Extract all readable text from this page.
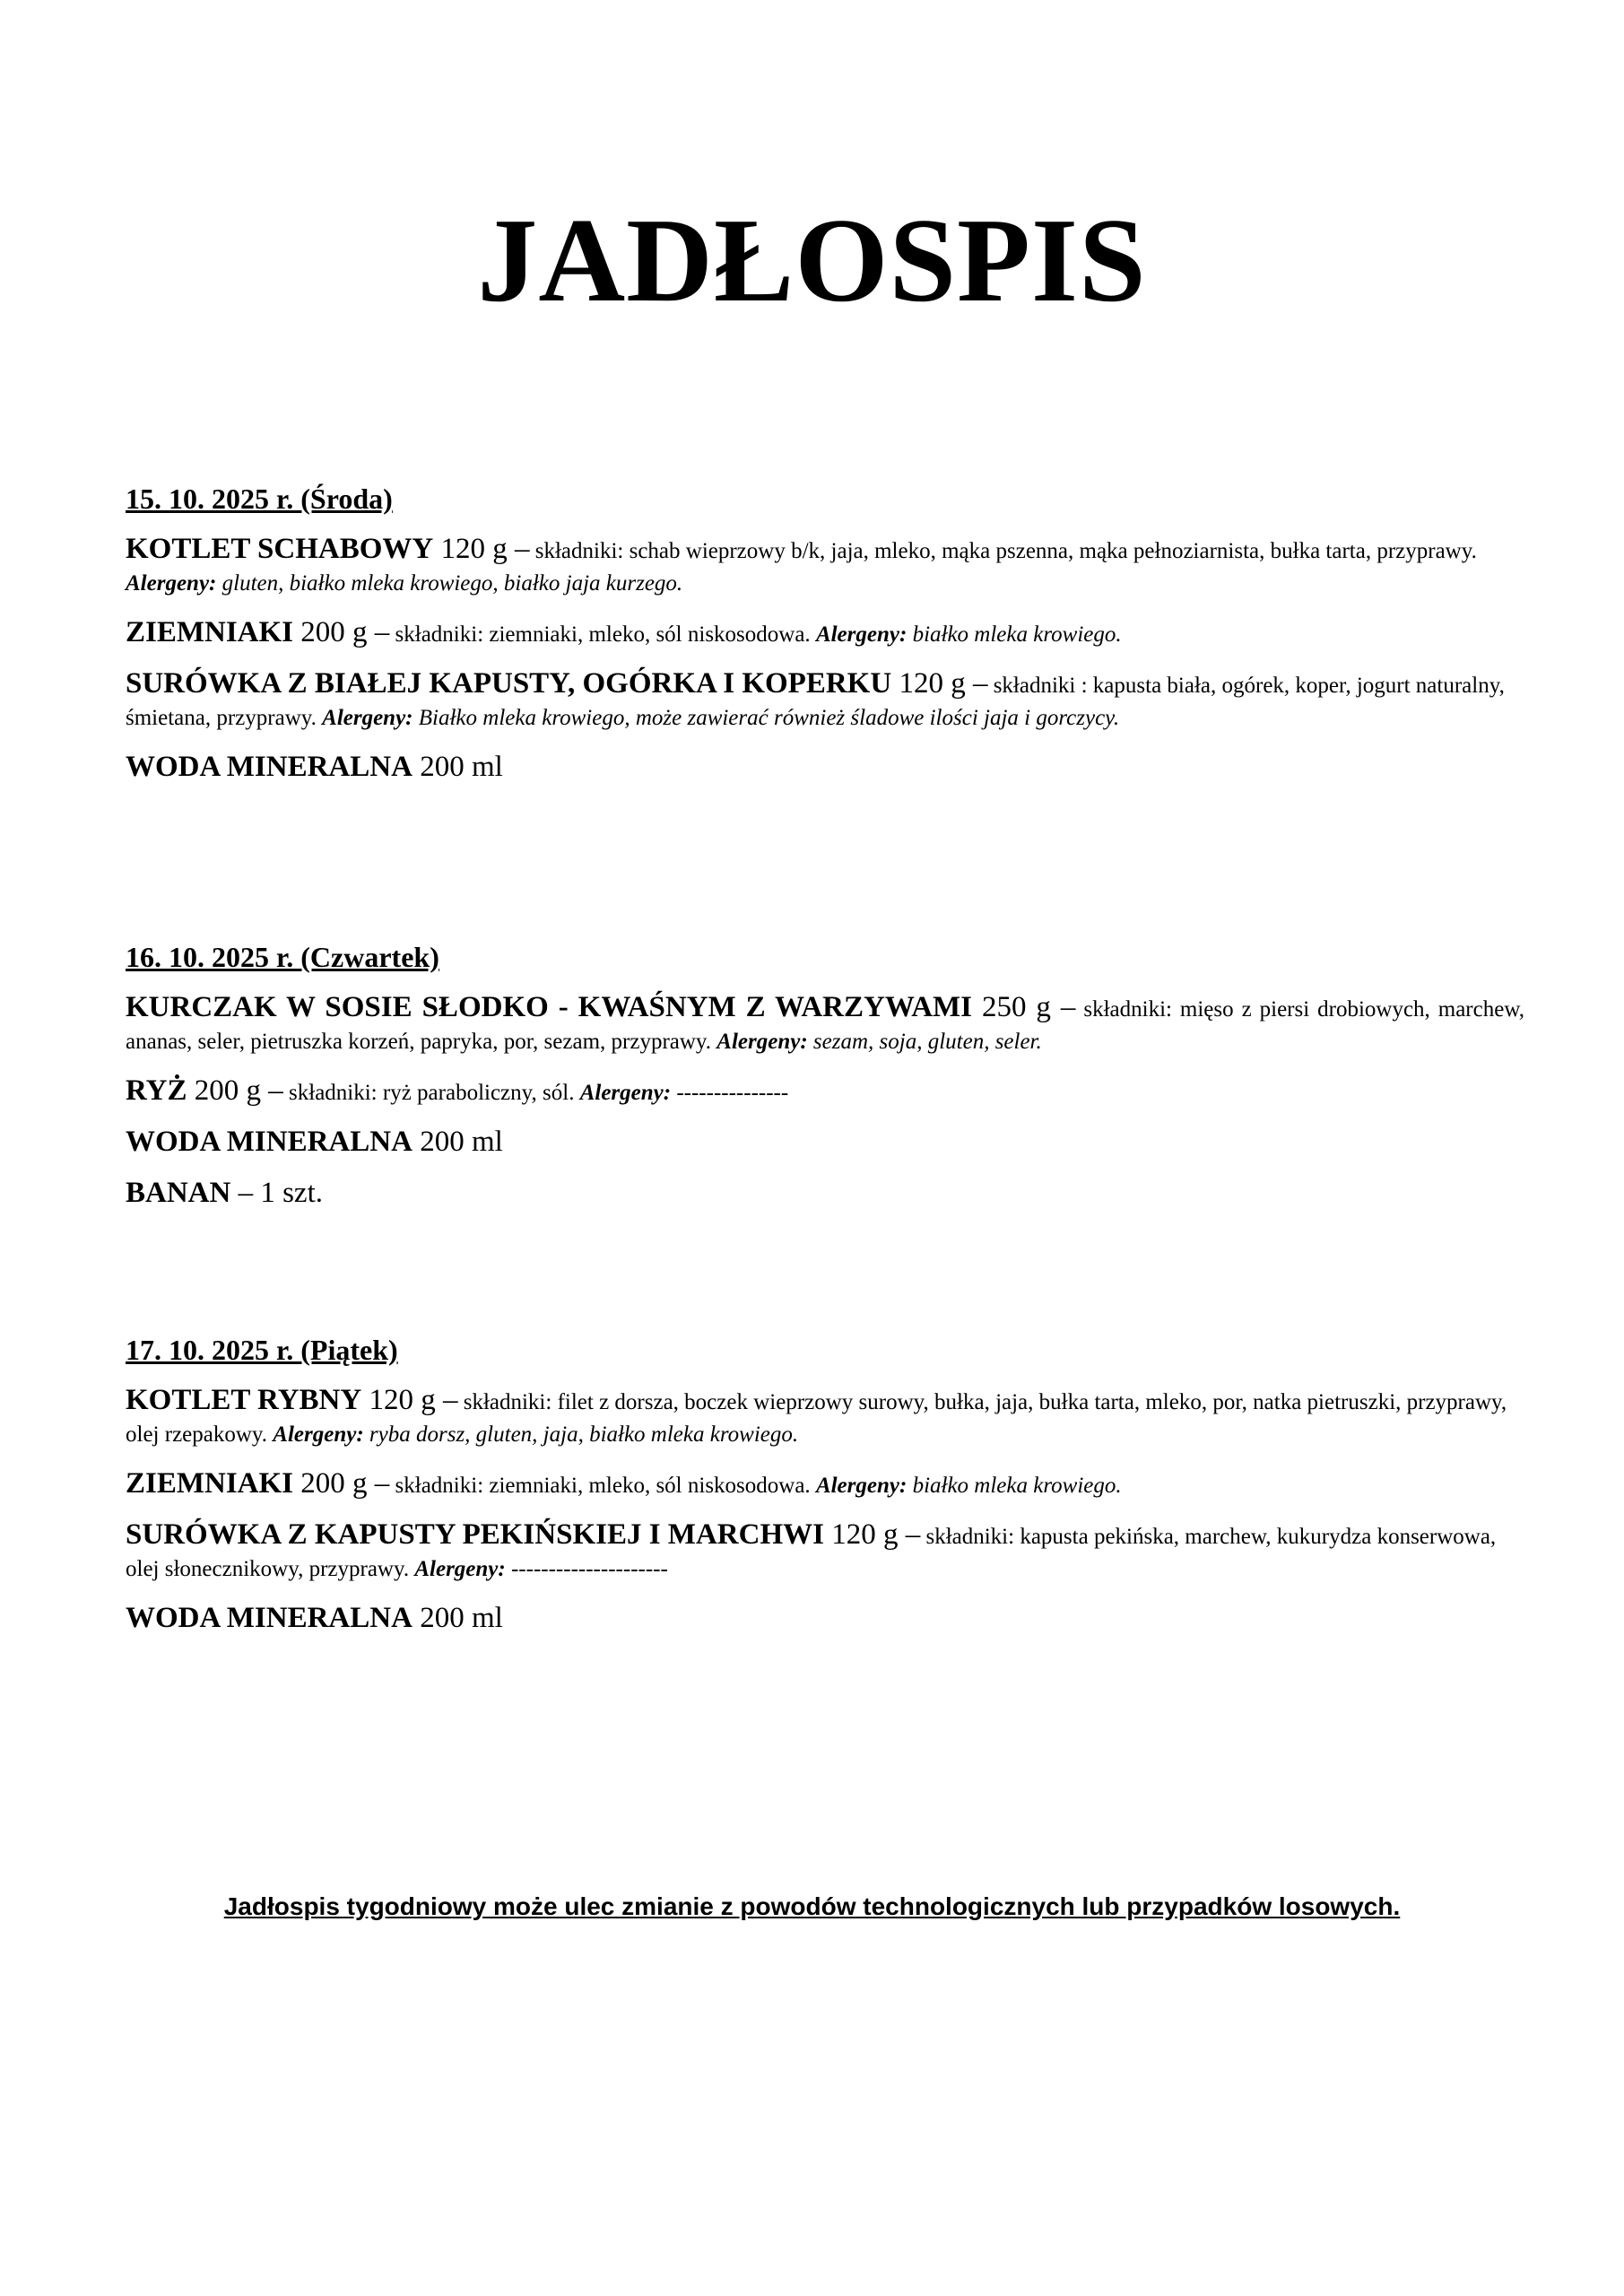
JADŁOSPIS
15. 10. 2025 r. (Środa)
KOTLET SCHABOWY 120 g – składniki: schab wieprzowy b/k, jaja, mleko, mąka pszenna, mąka pełnoziarnista, bułka tarta, przyprawy. Alergeny: gluten, białko mleka krowiego, białko jaja kurzego.
ZIEMNIAKI 200 g – składniki: ziemniaki, mleko, sól niskosodowa. Alergeny: białko mleka krowiego.
SURÓWKA Z BIAŁEJ KAPUSTY, OGÓRKA I KOPERKU 120 g – składniki : kapusta biała, ogórek, koper, jogurt naturalny, śmietana, przyprawy. Alergeny: Białko mleka krowiego, może zawierać również śladowe ilości jaja i gorczycy.
WODA MINERALNA 200 ml
16. 10. 2025 r. (Czwartek)
KURCZAK W SOSIE SŁODKO - KWAŚNYM Z WARZYWAMI 250 g – składniki: mięso z piersi drobiowych, marchew, ananas, seler, pietruszka korzeń, papryka, por, sezam, przyprawy. Alergeny: sezam, soja, gluten, seler.
RYŻ 200 g – składniki: ryż paraboliczny, sól. Alergeny: ---------------
WODA MINERALNA 200 ml
BANAN – 1 szt.
17. 10. 2025 r. (Piątek)
KOTLET RYBNY 120 g – składniki: filet z dorsza, boczek wieprzowy surowy, bułka, jaja, bułka tarta, mleko, por, natka pietruszki, przyprawy, olej rzepakowy. Alergeny: ryba dorsz, gluten, jaja, białko mleka krowiego.
ZIEMNIAKI 200 g – składniki: ziemniaki, mleko, sól niskosodowa. Alergeny: białko mleka krowiego.
SURÓWKA Z KAPUSTY PEKIŃSKIEJ I MARCHWI 120 g – składniki: kapusta pekińska, marchew, kukurydza konserwowa, olej słonecznikowy, przyprawy. Alergeny: ---------------------
WODA MINERALNA 200 ml
Jadłospis tygodniowy może ulec zmianie z powodów technologicznych lub przypadków losowych.
